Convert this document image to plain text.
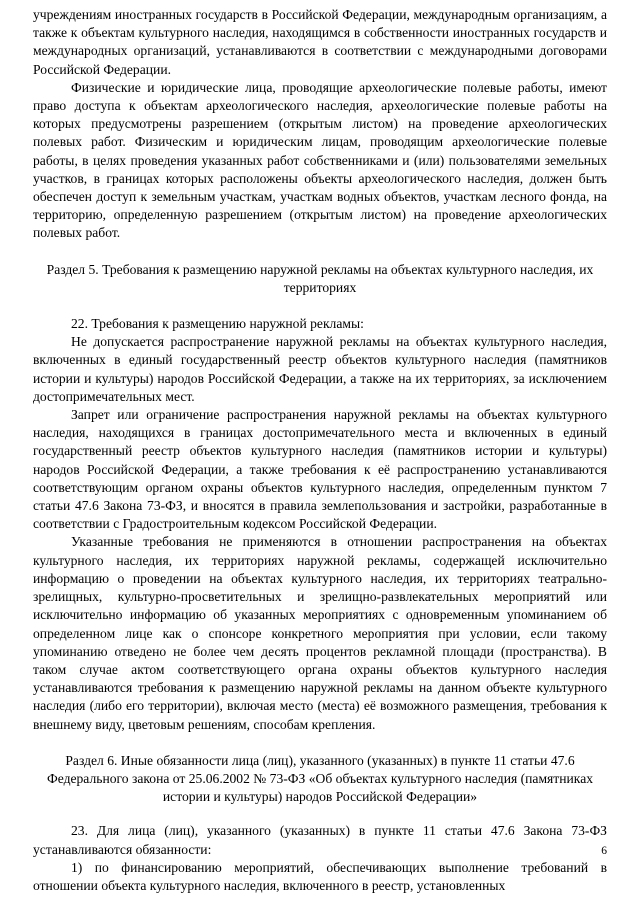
учреждениям иностранных государств в Российской Федерации, международным организациям, а также к объектам культурного наследия, находящимся в собственности иностранных государств и международных организаций, устанавливаются в соответствии с международными договорами Российской Федерации.

Физические и юридические лица, проводящие археологические полевые работы, имеют право доступа к объектам археологического наследия, археологические полевые работы на которых предусмотрены разрешением (открытым листом) на проведение археологических полевых работ. Физическим и юридическим лицам, проводящим археологические полевые работы, в целях проведения указанных работ собственниками и (или) пользователями земельных участков, в границах которых расположены объекты археологического наследия, должен быть обеспечен доступ к земельным участкам, участкам водных объектов, участкам лесного фонда, на территорию, определенную разрешением (открытым листом) на проведение археологических полевых работ.

Раздел 5. Требования к размещению наружной рекламы на объектах культурного наследия, их территориях

22. Требования к размещению наружной рекламы:

Не допускается распространение наружной рекламы на объектах культурного наследия, включенных в единый государственный реестр объектов культурного наследия (памятников истории и культуры) народов Российской Федерации, а также на их территориях, за исключением достопримечательных мест.

Запрет или ограничение распространения наружной рекламы на объектах культурного наследия, находящихся в границах достопримечательного места и включенных в единый государственный реестр объектов культурного наследия (памятников истории и культуры) народов Российской Федерации, а также требования к её распространению устанавливаются соответствующим органом охраны объектов культурного наследия, определенным пунктом 7 статьи 47.6 Закона 73-ФЗ, и вносятся в правила землепользования и застройки, разработанные в соответствии с Градостроительным кодексом Российской Федерации.

Указанные требования не применяются в отношении распространения на объектах культурного наследия, их территориях наружной рекламы, содержащей исключительно информацию о проведении на объектах культурного наследия, их территориях театрально-зрелищных, культурно-просветительных и зрелищно-развлекательных мероприятий или исключительно информацию об указанных мероприятиях с одновременным упоминанием об определенном лице как о спонсоре конкретного мероприятия при условии, если такому упоминанию отведено не более чем десять процентов рекламной площади (пространства). В таком случае актом соответствующего органа охраны объектов культурного наследия устанавливаются требования к размещению наружной рекламы на данном объекте культурного наследия (либо его территории), включая место (места) её возможного размещения, требования к внешнему виду, цветовым решениям, способам крепления.

Раздел 6. Иные обязанности лица (лиц), указанного (указанных) в пункте 11 статьи 47.6 Федерального закона от 25.06.2002 № 73-ФЗ «Об объектах культурного наследия (памятниках истории и культуры) народов Российской Федерации»

23. Для лица (лиц), указанного (указанных) в пункте 11 статьи 47.6 Закона 73-ФЗ устанавливаются обязанности:

1) по финансированию мероприятий, обеспечивающих выполнение требований в отношении объекта культурного наследия, включенного в реестр, установленных

6
